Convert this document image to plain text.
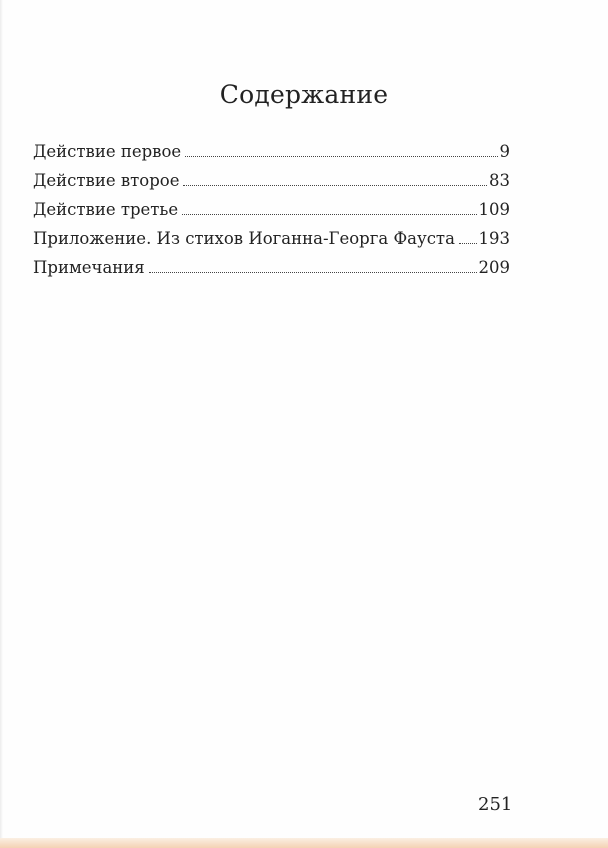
Содержание
Действие первое	9
Действие второе	83
Действие третье	109
Приложение. Из стихов Иоганна-Георга Фауста 193
Примечания	209
251
